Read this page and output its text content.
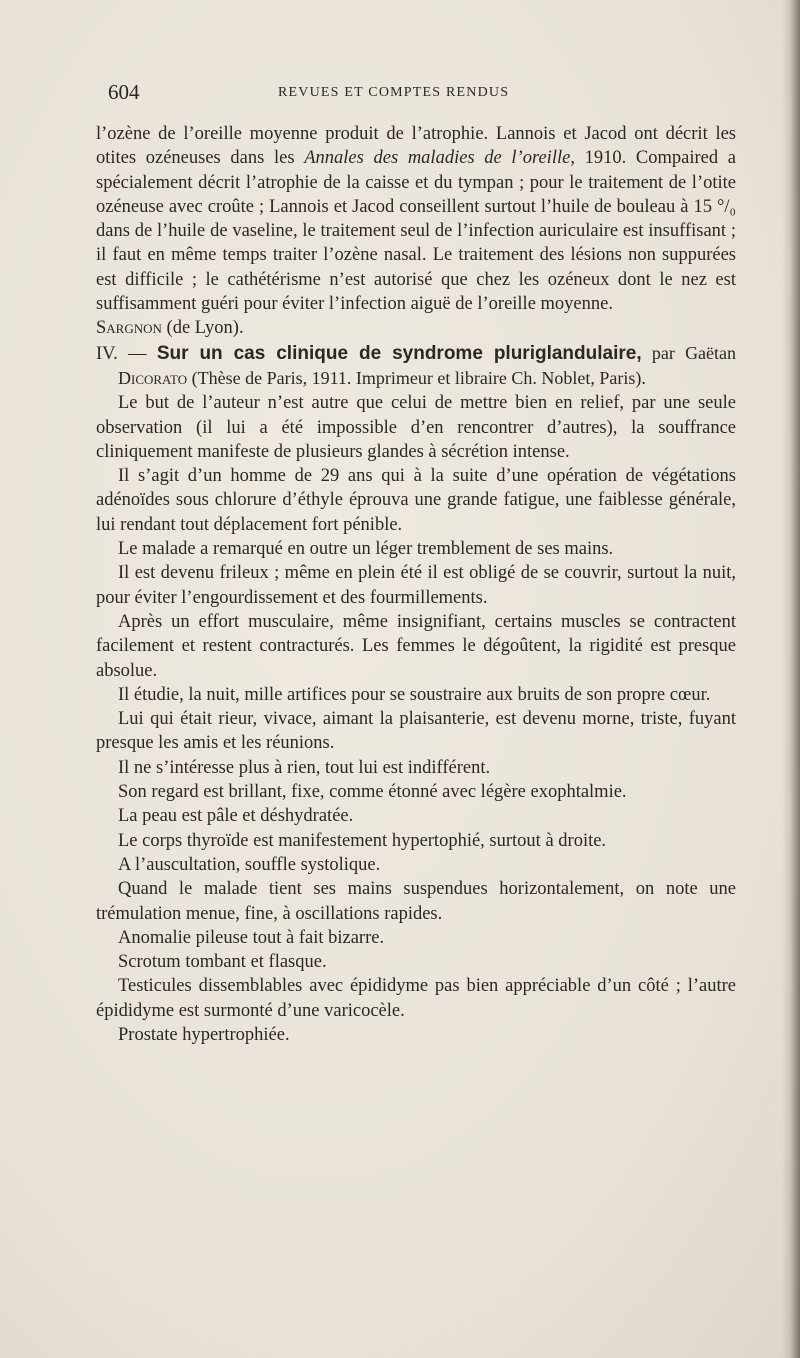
604	REVUES ET COMPTES RENDUS

l’ozène de l’oreille moyenne produit de l’atrophie. Lannois et Jacod ont décrit les otites ozéneuses dans les Annales des maladies de l’oreille, 1910. Compaired a spécialement décrit l’atrophie de la caisse et du tympan ; pour le traitement de l’otite ozéneuse avec croûte ; Lannois et Jacod conseillent surtout l’huile de bouleau à 15 °/₀ dans de l’huile de vaseline, le traitement seul de l’infection auriculaire est insuffisant ; il faut en même temps traiter l’ozène nasal. Le traitement des lésions non suppurées est difficile ; le cathétérisme n’est autorisé que chez les ozéneux dont le nez est suffisamment guéri pour éviter l’infection aiguë de l’oreille moyenne.

Sargnon (de Lyon).

IV. — Sur un cas clinique de syndrome pluriglandulaire, par Gaëtan Dicorato (Thèse de Paris, 1911. Imprimeur et libraire Ch. Noblet, Paris).

Le but de l’auteur n’est autre que celui de mettre bien en relief, par une seule observation (il lui a été impossible d’en rencontrer d’autres), la souffrance cliniquement manifeste de plusieurs glandes à sécrétion intense.

Il s’agit d’un homme de 29 ans qui à la suite d’une opération de végétations adénoïdes sous chlorure d’éthyle éprouva une grande fatigue, une faiblesse générale, lui rendant tout déplacement fort pénible.

Le malade a remarqué en outre un léger tremblement de ses mains.

Il est devenu frileux ; même en plein été il est obligé de se couvrir, surtout la nuit, pour éviter l’engourdissement et des fourmillements.

Après un effort musculaire, même insignifiant, certains muscles se contractent facilement et restent contracturés. Les femmes le dégoûtent, la rigidité est presque absolue.

Il étudie, la nuit, mille artifices pour se soustraire aux bruits de son propre cœur.

Lui qui était rieur, vivace, aimant la plaisanterie, est devenu morne, triste, fuyant presque les amis et les réunions.

Il ne s’intéresse plus à rien, tout lui est indifférent.

Son regard est brillant, fixe, comme étonné avec légère exophtalmie.

La peau est pâle et déshydratée.

Le corps thyroïde est manifestement hypertophié, surtout à droite.

A l’auscultation, souffle systolique.

Quand le malade tient ses mains suspendues horizontalement, on note une trémulation menue, fine, à oscillations rapides.

Anomalie pileuse tout à fait bizarre.

Scrotum tombant et flasque.

Testicules dissemblables avec épididyme pas bien appréciable d’un côté ; l’autre épididyme est surmonté d’une varicocèle.

Prostate hypertrophiée.
